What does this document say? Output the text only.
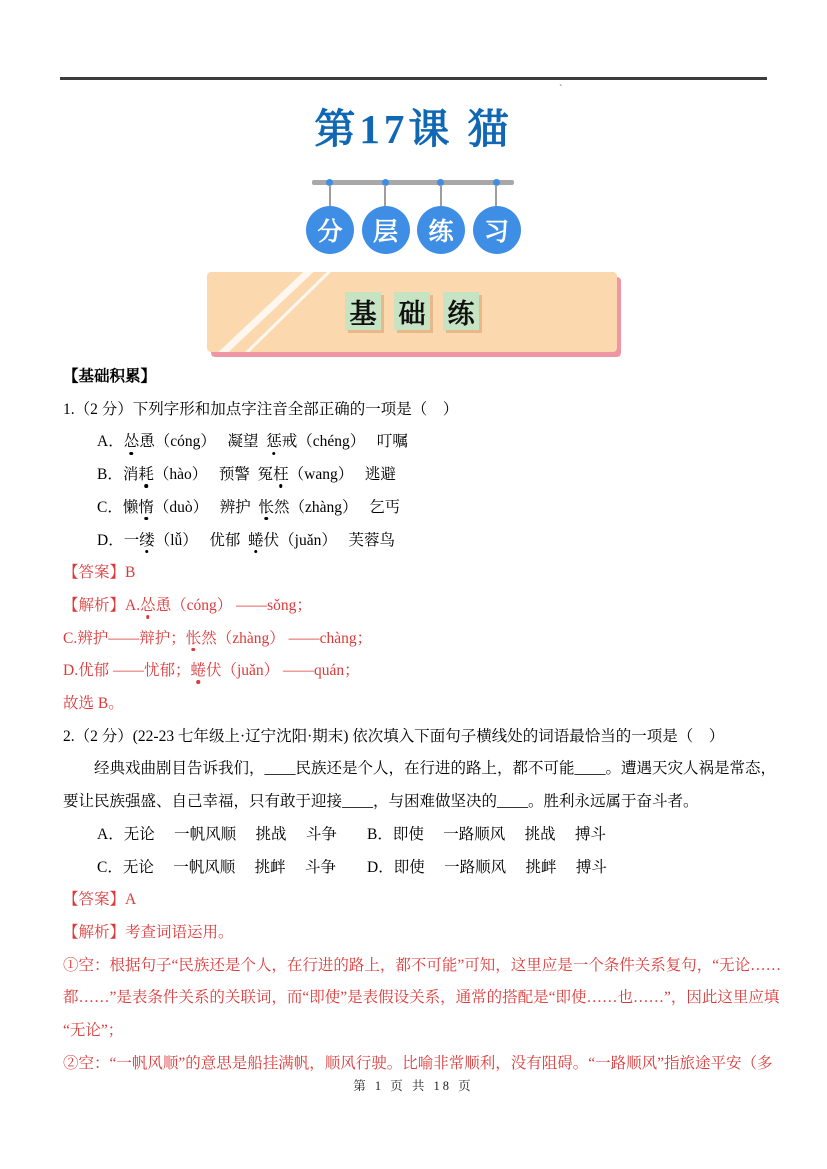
ˋ
第17课 猫
分	层	练	习
基 础 练
【基础积累】
1.（2 分）下列字形和加点字注音全部正确的一项是（　）
A．怂恿（cóng）　 凝望  惩戒（chéng）　 叮嘱
B．消耗（hào）　 预警  冤枉（wang）　 逃避
C．懒惰（duò）　 辨护  怅然（zhàng）　 乞丐
D．一缕（lǚ）　 优郁  蜷伏（juǎn）　 芙蓉鸟
【答案】B
【解析】A.怂恿（cóng） ——sǒng；
C.辨护——辩护；怅然（zhàng） ——chàng；
D.优郁 ——忧郁；蜷伏（juǎn） ——quán；
故选 B。
2.（2 分）(22-23 七年级上·辽宁沈阳·期末) 依次填入下面句子横线处的词语最恰当的一项是（　）
经典戏曲剧目告诉我们，____民族还是个人，在行进的路上，都不可能____。遭遇天灾人祸是常态，
要让民族强盛、自己幸福，只有敢于迎接____，与困难做坚决的____。胜利永远属于奋斗者。
A．无论　 一帆风顺　 挑战　 斗争 B．即使　 一路顺风　 挑战　 搏斗
C．无论　 一帆风顺　 挑衅　 斗争 D．即使　 一路顺风　 挑衅　 搏斗
【答案】A
【解析】考查词语运用。
①空：根据句子“民族还是个人，在行进的路上，都不可能”可知，这里应是一个条件关系复句，“无论……
都……”是表条件关系的关联词，而“即使”是表假设关系，通常的搭配是“即使……也……”，因此这里应填
“无论”；
②空：“一帆风顺”的意思是船挂满帆，顺风行驶。比喻非常顺利，没有阻碍。“一路顺风”指旅途平安（多
第 1 页 共 18 页
